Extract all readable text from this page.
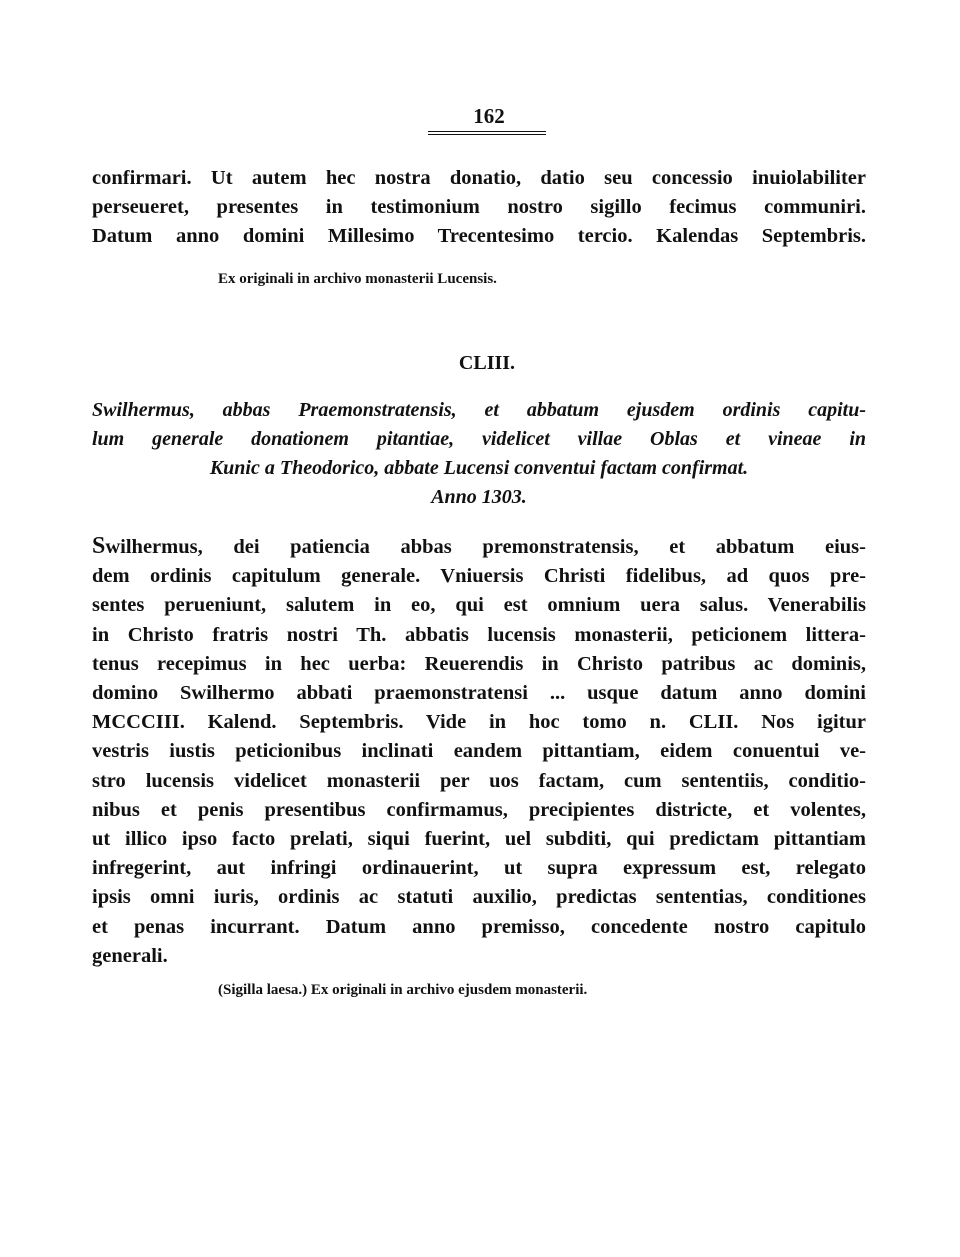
162

confirmari. Ut autem hec nostra donatio, datio seu concessio inuiolabiliter
perseueret, presentes in testimonium nostro sigillo fecimus communiri.
Datum anno domini Millesimo Trecentesimo tercio. Kalendas Septembris.

Ex originali in archivo monasterii Lucensis.

CLIII.

Swilhermus, abbas Praemonstratensis, et abbatum ejusdem ordinis capitu-
lum generale donationem pitantiae, videlicet villae Oblas et vineae in
Kunic a Theodorico, abbate Lucensi conventui factam confirmat.
Anno 1303.

Swilhermus, dei patiencia abbas premonstratensis, et abbatum eius-
dem ordinis capitulum generale. Vniuersis Christi fidelibus, ad quos pre-
sentes perueniunt, salutem in eo, qui est omnium uera salus. Venerabilis
in Christo fratris nostri Th. abbatis lucensis monasterii, peticionem littera-
tenus recepimus in hec uerba: Reuerendis in Christo patribus ac dominis,
domino Swilhermo abbati praemonstratensi ... usque datum anno domini
MCCCIII. Kalend. Septembris. Vide in hoc tomo n. CLII. Nos igitur
vestris iustis peticionibus inclinati eandem pittantiam, eidem conuentui ve-
stro lucensis videlicet monasterii per uos factam, cum sententiis, conditio-
nibus et penis presentibus confirmamus, precipientes districte, et volentes,
ut illico ipso facto prelati, siqui fuerint, uel subditi, qui predictam pittantiam
infregerint, aut infringi ordinauerint, ut supra expressum est, relegato
ipsis omni iuris, ordinis ac statuti auxilio, predictas sententias, conditiones
et penas incurrant. Datum anno premisso, concedente nostro capitulo
generali.

(Sigilla laesa.) Ex originali in archivo ejusdem monasterii.
